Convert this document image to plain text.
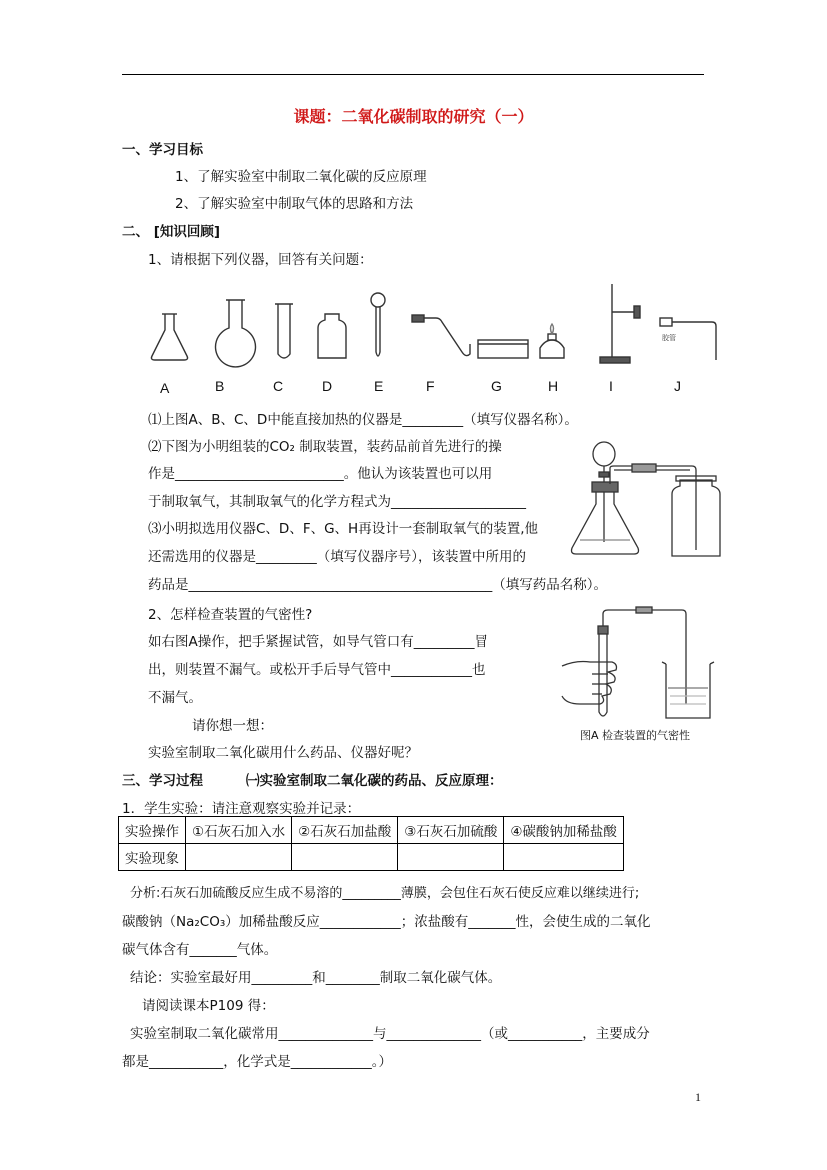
课题：二氧化碳制取的研究（一）
一、学习目标
1、了解实验室中制取二氧化碳的反应原理
2、了解实验室中制取气体的思路和方法
二、 [知识回顾]
1、请根据下列仪器，回答有关问题：
胶管
A	B	C	D	E	F	G	H	I	J
⑴上图A、B、C、D中能直接加热的仪器是_________（填写仪器名称）。
⑵下图为小明组装的CO₂ 制取装置，装药品前首先进行的操
作是_________________________。他认为该装置也可以用
于制取氧气，其制取氧气的化学方程式为____________________
⑶小明拟选用仪器C、D、F、G、H再设计一套制取氧气的装置,他
还需选用的仪器是_________（填写仪器序号），该装置中所用的
药品是_____________________________________________（填写药品名称）。
2、怎样检查装置的气密性?
如右图A操作，把手紧握试管，如导气管口有_________冒
出，则装置不漏气。或松开手后导气管中____________也
不漏气。
请你想一想：
实验室制取二氧化碳用什么药品、仪器好呢？
图A 检查装置的气密性
三、学习过程	㈠实验室制取二氧化碳的药品、反应原理：
1．学生实验：请注意观察实验并记录：
实验操作	①石灰石加入水	②石灰石加盐酸	③石灰石加硫酸	④碳酸钠加稀盐酸
实验现象				
分析:石灰石加硫酸反应生成不易溶的_________薄膜，会包住石灰石使反应难以继续进行;
碳酸钠（Na₂CO₃）加稀盐酸反应____________；浓盐酸有_______性，会使生成的二氧化
碳气体含有_______气体。
结论：实验室最好用_________和________制取二氧化碳气体。
请阅读课本P109 得：
实验室制取二氧化碳常用______________与______________（或___________，主要成分
都是___________，化学式是____________。）
1
